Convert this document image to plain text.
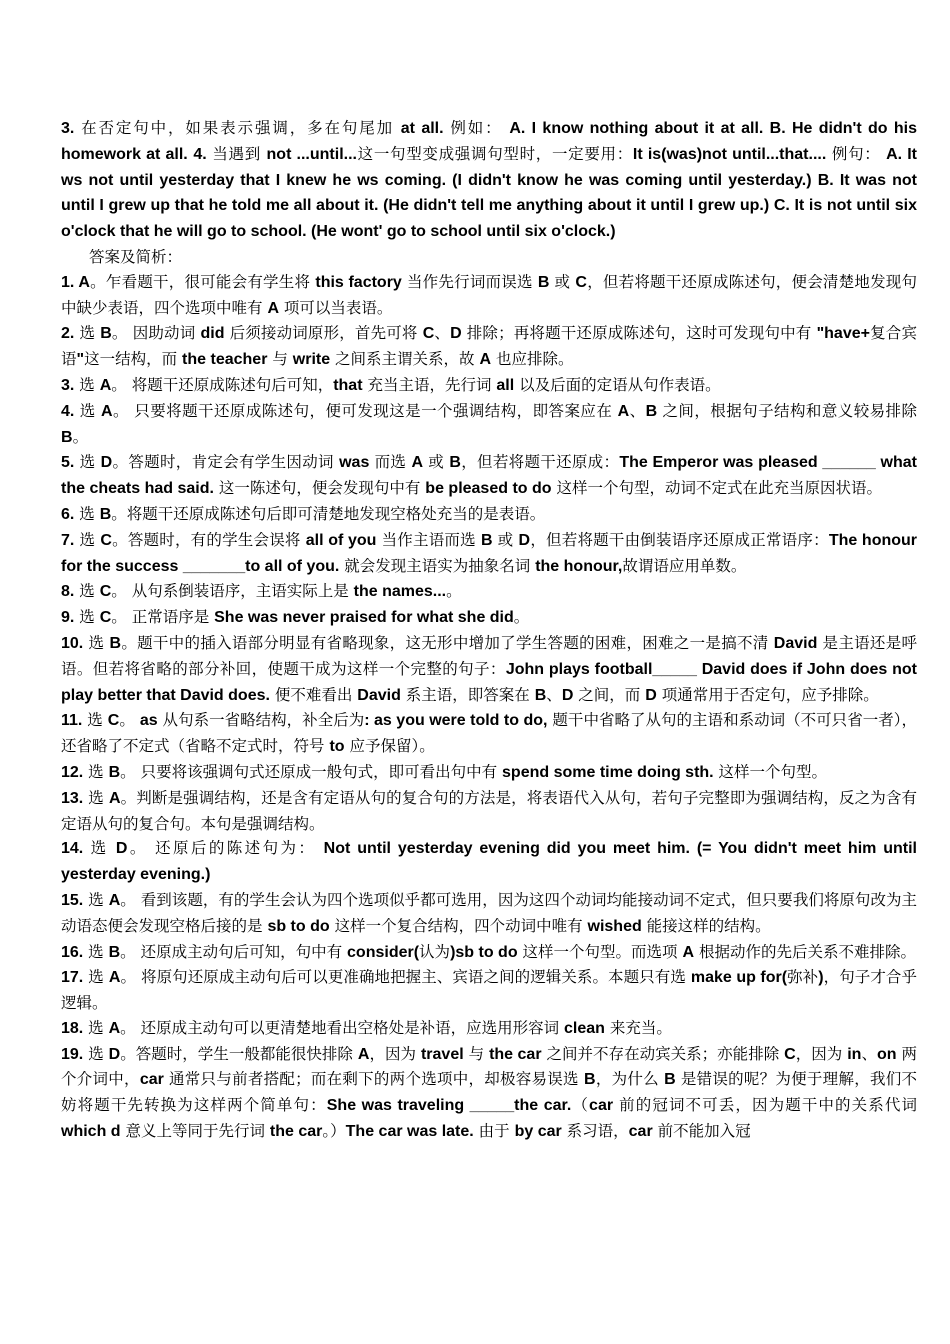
3. 在否定句中，如果表示强调，多在句尾加 at all. 例如： A. I know nothing about it at all. B. He didn't do his homework at all. 4. 当遇到 not ...until...这一句型变成强调句型时，一定要用：It is(was)not until...that.... 例句： A. It ws not until yesterday that I knew he ws coming. (I didn't know he was coming until yesterday.) B. It was not until I grew up that he told me all about it. (He didn't tell me anything about it until I grew up.) C. It is not until six o'clock that he will go to school. (He wont' go to school until six o'clock.)

答案及简析：

1. A。乍看题干，很可能会有学生将 this factory 当作先行词而误选 B 或 C，但若将题干还原成陈述句，便会清楚地发现句中缺少表语，四个选项中唯有 A 项可以当表语。

2. 选 B。 因助动词 did 后须接动词原形，首先可将 C、D 排除；再将题干还原成陈述句，这时可发现句中有 "have+复合宾语"这一结构，而 the teacher 与 write 之间系主谓关系，故 A 也应排除。

3. 选 A。 将题干还原成陈述句后可知，that 充当主语，先行词 all 以及后面的定语从句作表语。

4. 选 A。 只要将题干还原成陈述句，便可发现这是一个强调结构，即答案应在 A、B 之间，根据句子结构和意义较易排除 B。

5. 选 D。答题时，肯定会有学生因动词 was 而选 A 或 B，但若将题干还原成：The Emperor was pleased ______ what the cheats had said. 这一陈述句，便会发现句中有 be pleased to do 这样一个句型，动词不定式在此充当原因状语。

6. 选 B。将题干还原成陈述句后即可清楚地发现空格处充当的是表语。

7. 选 C。答题时，有的学生会误将 all of you 当作主语而选 B 或 D，但若将题干由倒装语序还原成正常语序：The honour for the success _______to all of you. 就会发现主语实为抽象名词 the honour,故谓语应用单数。

8. 选 C。 从句系倒装语序，主语实际上是 the names...。

9. 选 C。 正常语序是 She was never praised for what she did。

10. 选 B。题干中的插入语部分明显有省略现象，这无形中增加了学生答题的困难，困难之一是搞不清 David 是主语还是呼语。但若将省略的部分补回，使题干成为这样一个完整的句子：John plays football_____ David does if John does not play better that David does. 便不难看出 David 系主语，即答案在 B、D 之间，而 D 项通常用于否定句，应予排除。

11. 选 C。 as 从句系一省略结构，补全后为: as you were told to do, 题干中省略了从句的主语和系动词（不可只省一者），还省略了不定式（省略不定式时，符号 to 应予保留）。

12. 选 B。 只要将该强调句式还原成一般句式，即可看出句中有 spend some time doing sth. 这样一个句型。

13. 选 A。判断是强调结构，还是含有定语从句的复合句的方法是，将表语代入从句，若句子完整即为强调结构，反之为含有定语从句的复合句。本句是强调结构。

14. 选 D。 还原后的陈述句为： Not until yesterday evening did you meet him. (= You didn't meet him until yesterday evening.)

15. 选 A。 看到该题，有的学生会认为四个选项似乎都可选用，因为这四个动词均能接动词不定式，但只要我们将原句改为主动语态便会发现空格后接的是 sb to do 这样一个复合结构，四个动词中唯有 wished 能接这样的结构。

16. 选 B。 还原成主动句后可知，句中有 consider(认为)sb to do 这样一个句型。而选项 A 根据动作的先后关系不难排除。

17. 选 A。 将原句还原成主动句后可以更准确地把握主、宾语之间的逻辑关系。本题只有选 make up for(弥补)，句子才合乎逻辑。

18. 选 A。 还原成主动句可以更清楚地看出空格处是补语，应选用形容词 clean 来充当。

19. 选 D。答题时，学生一般都能很快排除 A，因为 travel 与 the car 之间并不存在动宾关系；亦能排除 C，因为 in、on 两个介词中，car 通常只与前者搭配；而在剩下的两个选项中，却极容易误选 B，为什么 B 是错误的呢？为便于理解，我们不妨将题干先转换为这样两个简单句：She was traveling _____the car.（car 前的冠词不可丢，因为题干中的关系代词 which d 意义上等同于先行词 the car。）The car was late. 由于 by car 系习语，car 前不能加入冠
